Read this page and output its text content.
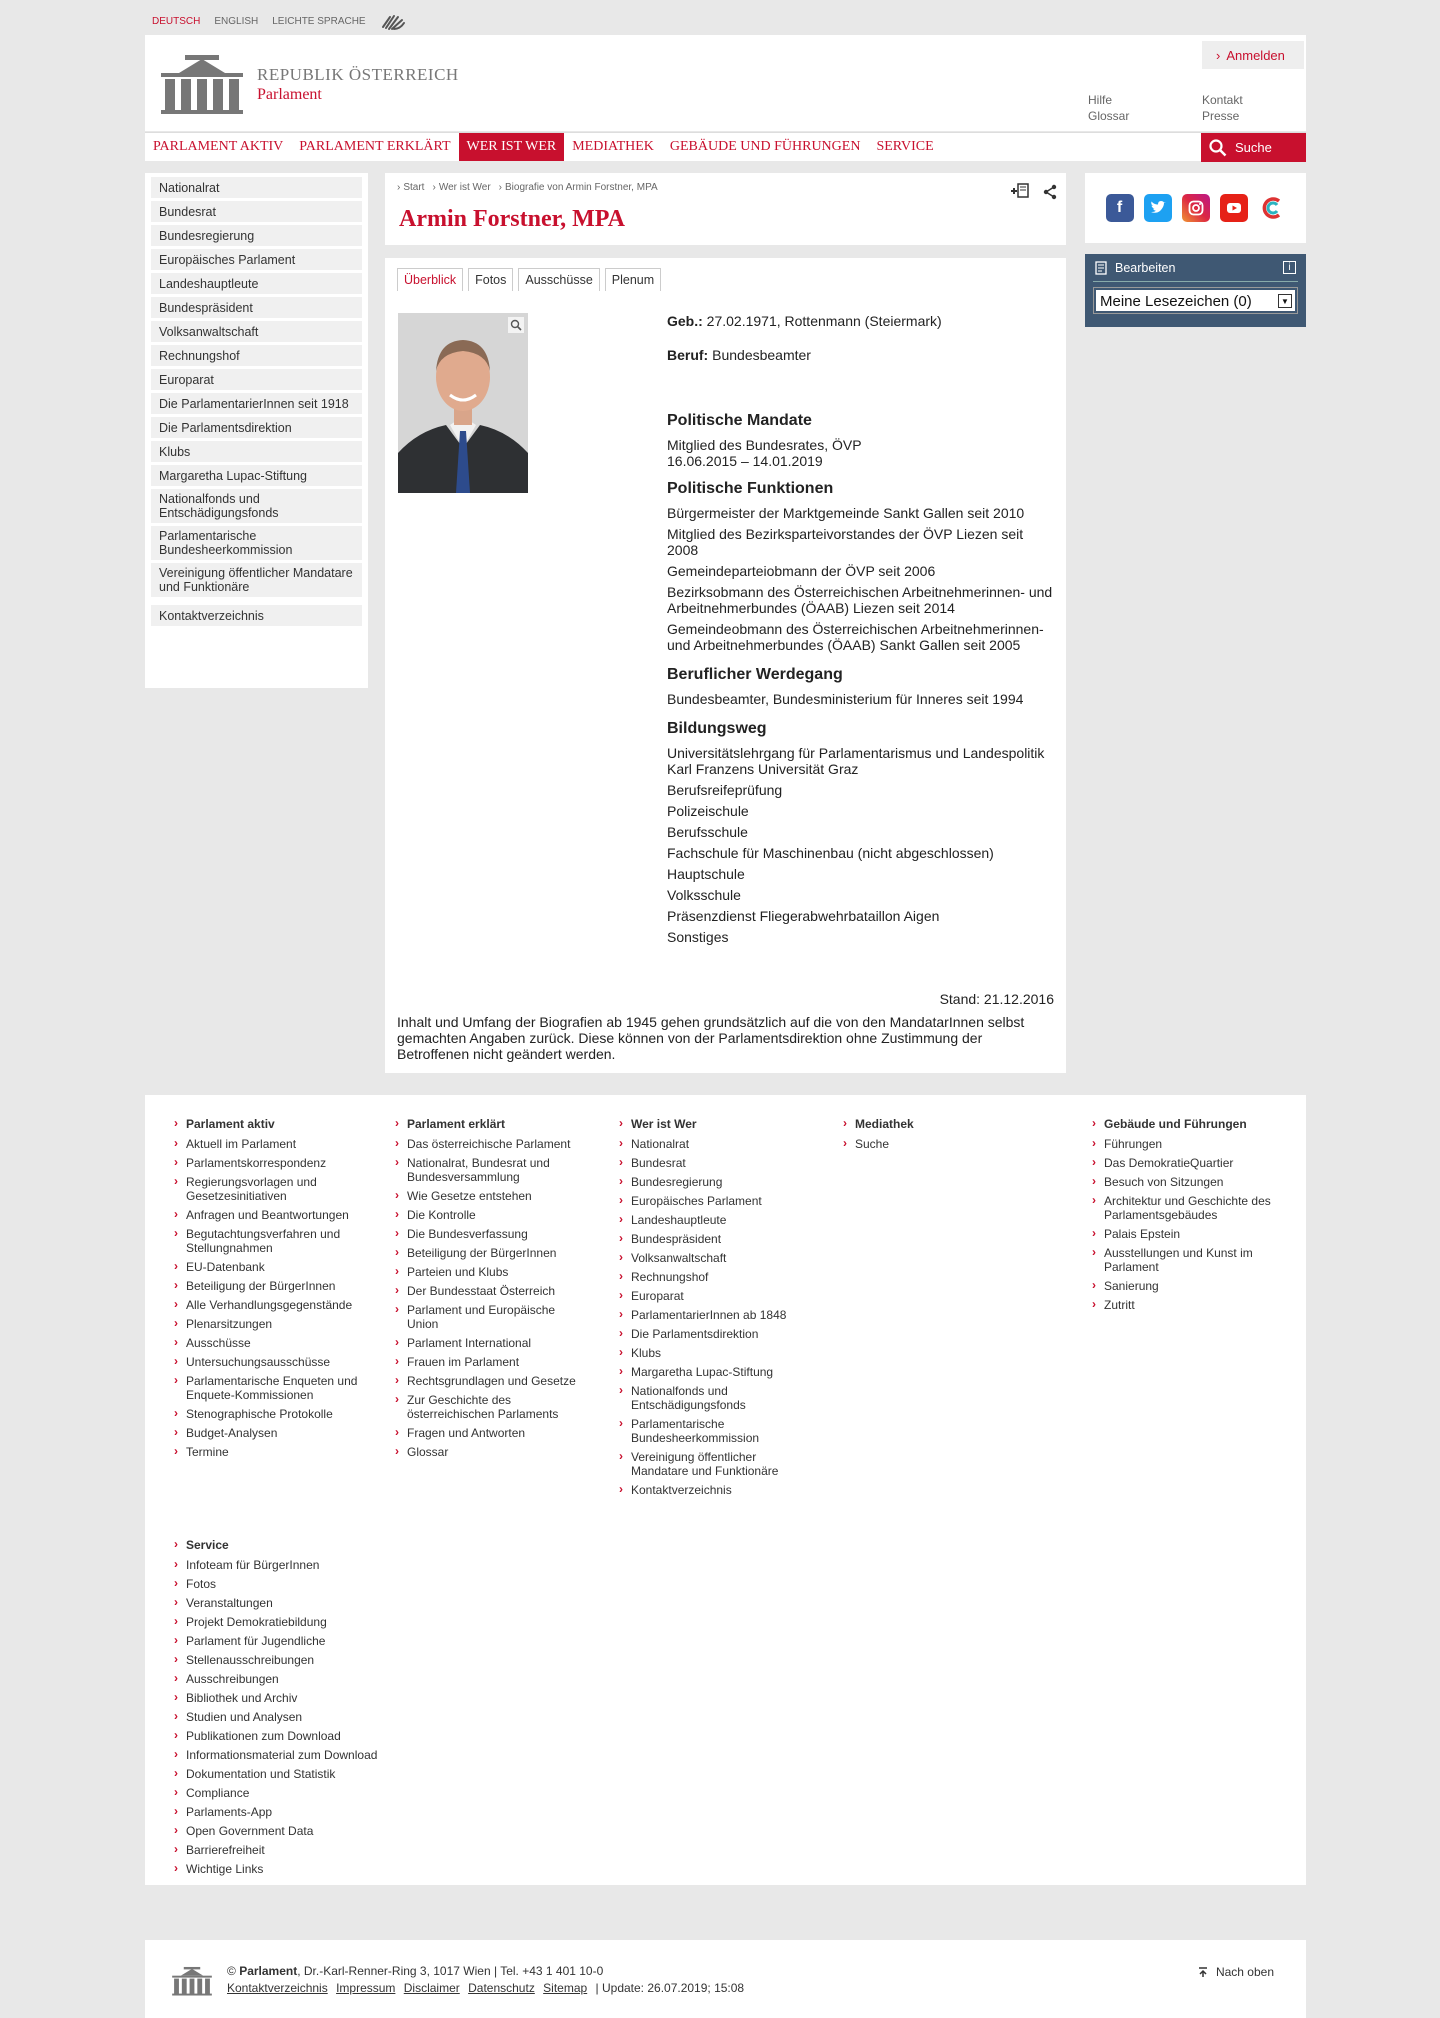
DEUTSCH ENGLISH LEICHTE SPRACHE
REPUBLIK ÖSTERREICH
Parlament
› Anmelden
Hilfe
Glossar
Kontakt
Presse
PARLAMENT AKTIV	PARLAMENT ERKLÄRT	WER IST WER	MEDIATHEK	GEBÄUDE UND FÜHRUNGEN	SERVICE	Suche
Nationalrat
Bundesrat
Bundesregierung
Europäisches Parlament
Landeshauptleute
Bundespräsident
Volksanwaltschaft
Rechnungshof
Europarat
Die ParlamentarierInnen seit 1918
Die Parlamentsdirektion
Klubs
Margaretha Lupac-Stiftung
Nationalfonds und Entschädigungsfonds
Parlamentarische Bundesheerkommission
Vereinigung öffentlicher Mandatare und Funktionäre
Kontaktverzeichnis
› Start	› Wer ist Wer	› Biografie von Armin Forstner, MPA
Armin Forstner, MPA
Überblick	Fotos	Ausschüsse	Plenum
Geb.: 27.02.1971, Rottenmann (Steiermark)
Beruf: Bundesbeamter
Politische Mandate
Mitglied des Bundesrates, ÖVP
16.06.2015 – 14.01.2019
Politische Funktionen
Bürgermeister der Marktgemeinde Sankt Gallen seit 2010
Mitglied des Bezirksparteivorstandes der ÖVP Liezen seit 2008
Gemeindeparteiobmann der ÖVP seit 2006
Bezirksobmann des Österreichischen Arbeitnehmerinnen- und Arbeitnehmerbundes (ÖAAB) Liezen seit 2014
Gemeindeobmann des Österreichischen Arbeitnehmerinnen- und Arbeitnehmerbundes (ÖAAB) Sankt Gallen seit 2005
Beruflicher Werdegang
Bundesbeamter, Bundesministerium für Inneres seit 1994
Bildungsweg
Universitätslehrgang für Parlamentarismus und Landespolitik Karl Franzens Universität Graz
Berufsreifeprüfung
Polizeischule
Berufsschule
Fachschule für Maschinenbau (nicht abgeschlossen)
Hauptschule
Volksschule
Präsenzdienst Fliegerabwehrbataillon Aigen
Sonstiges
Stand: 21.12.2016
Inhalt und Umfang der Biografien ab 1945 gehen grundsätzlich auf die von den MandatarInnen selbst gemachten Angaben zurück. Diese können von der Parlamentsdirektion ohne Zustimmung der Betroffenen nicht geändert werden.
f
Bearbeiten	i
Meine Lesezeichen (0)	▼
› Parlament aktiv
› Aktuell im Parlament
› Parlamentskorrespondenz
› Regierungsvorlagen und Gesetzesinitiativen
› Anfragen und Beantwortungen
› Begutachtungsverfahren und Stellungnahmen
› EU-Datenbank
› Beteiligung der BürgerInnen
› Alle Verhandlungsgegenstände
› Plenarsitzungen
› Ausschüsse
› Untersuchungsausschüsse
› Parlamentarische Enqueten und Enquete-Kommissionen
› Stenographische Protokolle
› Budget-Analysen
› Termine
› Parlament erklärt
› Das österreichische Parlament
› Nationalrat, Bundesrat und Bundesversammlung
› Wie Gesetze entstehen
› Die Kontrolle
› Die Bundesverfassung
› Beteiligung der BürgerInnen
› Parteien und Klubs
› Der Bundesstaat Österreich
› Parlament und Europäische Union
› Parlament International
› Frauen im Parlament
› Rechtsgrundlagen und Gesetze
› Zur Geschichte des österreichischen Parlaments
› Fragen und Antworten
› Glossar
› Wer ist Wer
› Nationalrat
› Bundesrat
› Bundesregierung
› Europäisches Parlament
› Landeshauptleute
› Bundespräsident
› Volksanwaltschaft
› Rechnungshof
› Europarat
› ParlamentarierInnen ab 1848
› Die Parlamentsdirektion
› Klubs
› Margaretha Lupac-Stiftung
› Nationalfonds und Entschädigungsfonds
› Parlamentarische Bundesheerkommission
› Vereinigung öffentlicher Mandatare und Funktionäre
› Kontaktverzeichnis
› Mediathek
› Suche
› Gebäude und Führungen
› Führungen
› Das DemokratieQuartier
› Besuch von Sitzungen
› Architektur und Geschichte des Parlamentsgebäudes
› Palais Epstein
› Ausstellungen und Kunst im Parlament
› Sanierung
› Zutritt
› Service
› Infoteam für BürgerInnen
› Fotos
› Veranstaltungen
› Projekt Demokratiebildung
› Parlament für Jugendliche
› Stellenausschreibungen
› Ausschreibungen
› Bibliothek und Archiv
› Studien und Analysen
› Publikationen zum Download
› Informationsmaterial zum Download
› Dokumentation und Statistik
› Compliance
› Parlaments-App
› Open Government Data
› Barrierefreiheit
› Wichtige Links
© Parlament, Dr.-Karl-Renner-Ring 3, 1017 Wien | Tel. +43 1 401 10-0
Kontaktverzeichnis Impressum Disclaimer Datenschutz Sitemap | Update: 26.07.2019; 15:08
Nach oben
